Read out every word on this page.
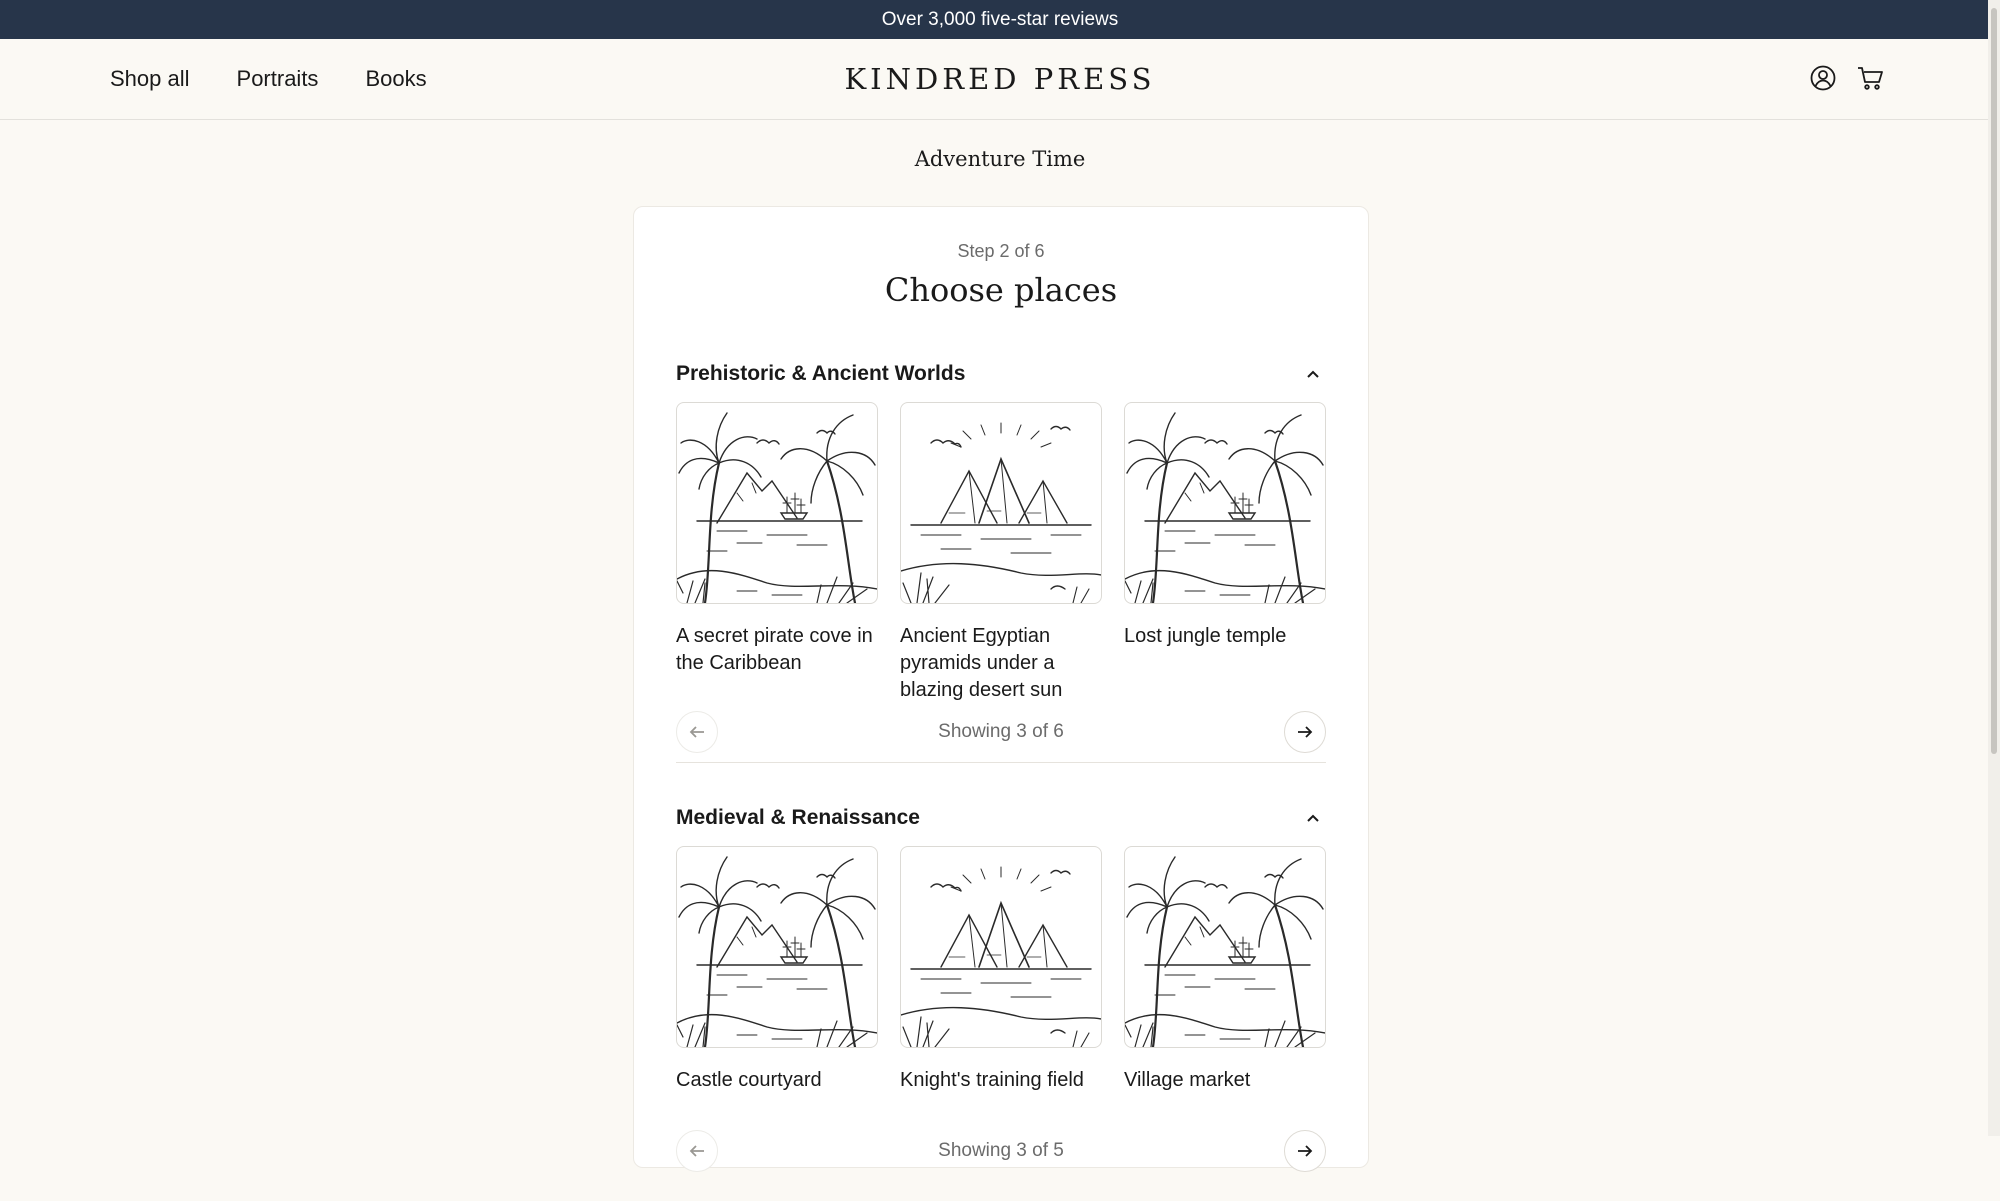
Over 3,000 five-star reviews
Shop all Portraits Books	KINDRED PRESS
Adventure Time
Step 2 of 6
Choose places
Prehistoric & Ancient Worlds
A secret pirate cove in the Caribbean
Ancient Egyptian pyramids under a blazing desert sun
Lost jungle temple
Showing 3 of 6
Medieval & Renaissance
Castle courtyard	Knight's training field	Village market
Showing 3 of 5
